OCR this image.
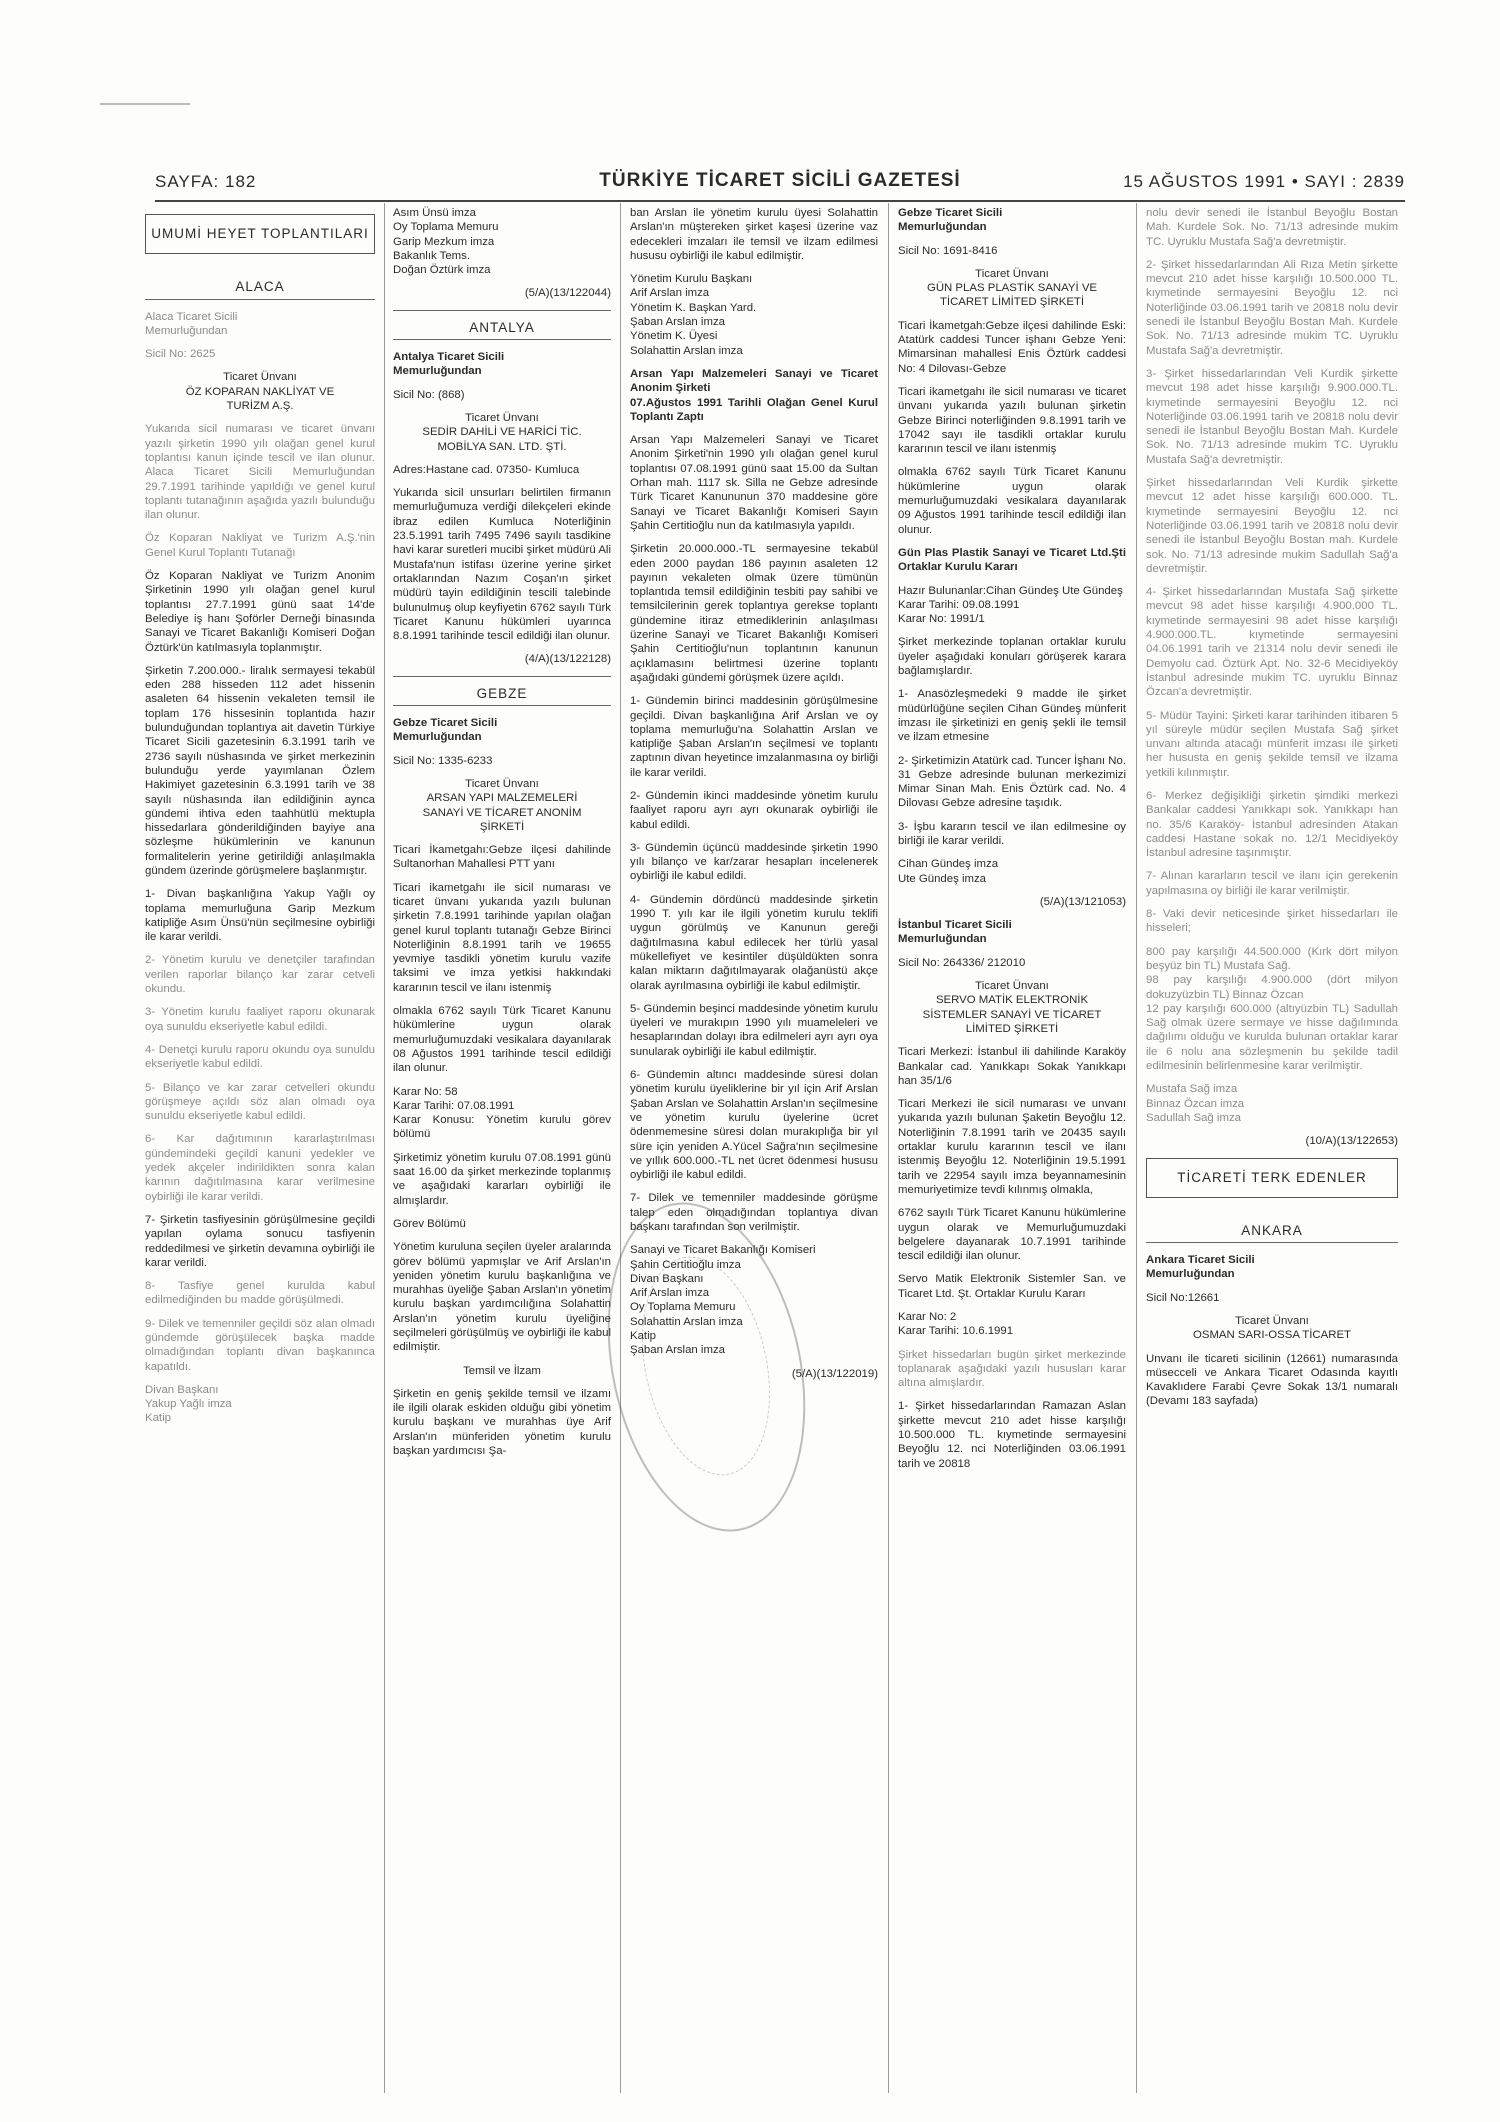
SAYFA: 182	TÜRKİYE TİCARET SİCİLİ GAZETESİ	15 AĞUSTOS 1991 • SAYI : 2839

UMUMİ HEYET TOPLANTILARI

ALACA

Alaca Ticaret Sicili
Memurluğundan

Sicil No: 2625

Ticaret Ünvanı
ÖZ KOPARAN NAKLİYAT VE
TURİZM A.Ş.

Yukarıda sicil numarası ve ticaret ünvanı yazılı şirketin 1990 yılı olağan genel kurul toplantısı kanun içinde tescil ve ilan olunur. Alaca Ticaret Sicili Memurluğundan 29.7.1991 tarihinde yapıldığı ve genel kurul toplantı tutanağının aşağıda yazılı bulunduğu ilan olunur.

Öz Koparan Nakliyat ve Turizm A.Ş.'nin Genel Kurul Toplantı Tutanağı

Öz Koparan Nakliyat ve Turizm Anonim Şirketinin 1990 yılı olağan genel kurul toplantısı 27.7.1991 günü saat 14'de Belediye iş hanı Şoförler Derneği binasında Sanayi ve Ticaret Bakanlığı Komiseri Doğan Öztürk'ün katılmasıyla toplanmıştır.

Şirketin 7.200.000.- liralık sermayesi tekabül eden 288 hisseden 112 adet hissenin asaleten 64 hissenin vekaleten temsil ile toplam 176 hissesinin toplantıda hazır bulunduğundan toplantıya ait davetin Türkiye Ticaret Sicili gazetesinin 6.3.1991 tarih ve 2736 sayılı nüshasında ve şirket merkezinin bulunduğu yerde yayımlanan Özlem Hakimiyet gazetesinin 6.3.1991 tarih ve 38 sayılı nüshasında ilan edildiğinin aynca gündemi ihtiva eden taahhütlü mektupla hissedarlara gönderildiğinden bayiye ana sözleşme hükümlerinin ve kanunun formalitelerin yerine getirildiği anlaşılmakla gündem üzerinde görüşmelere başlanmıştır.

1- Divan başkanlığına Yakup Yağlı oy toplama memurluğuna Garip Mezkum katipliğe Asım Ünsü'nün seçilmesine oybirliği ile karar verildi.

2- Yönetim kurulu ve denetçiler tarafından verilen raporlar bilanço kar zarar cetveli okundu.

3- Yönetim kurulu faaliyet raporu okunarak oya sunuldu ekseriyetle kabul edildi.

4- Denetçi kurulu raporu okundu oya sunuldu ekseriyetle kabul edildi.

5- Bilanço ve kar zarar cetvelleri okundu görüşmeye açıldı söz alan olmadı oya sunuldu ekseriyetle kabul edildi.

6- Kar dağıtımının kararlaştırılması gündemindeki geçildi kanuni yedekler ve yedek akçeler indirildikten sonra kalan karının dağıtılmasına karar verilmesine oybirliği ile karar verildi.

7- Şirketin tasfiyesinin görüşülmesine geçildi yapılan oylama sonucu tasfiyenin reddedilmesi ve şirketin devamına oybirliği ile karar verildi.

8- Tasfiye genel kurulda kabul edilmediğinden bu madde görüşülmedi.

9- Dilek ve temenniler geçildi söz alan olmadı gündemde görüşülecek başka madde olmadığından toplantı divan başkanınca kapatıldı.

Divan Başkanı
Yakup Yağlı imza
Katip

Asım Ünsü imza
Oy Toplama Memuru
Garip Mezkum imza
Bakanlık Tems.
Doğan Öztürk imza

(5/A)(13/122044)

ANTALYA

Antalya Ticaret Sicili
Memurluğundan

Sicil No: (868)

Ticaret Ünvanı
SEDİR DAHİLİ VE HARİCİ TİC.
MOBİLYA SAN. LTD. ŞTİ.

Adres:Hastane cad. 07350- Kumluca

Yukarıda sicil unsurları belirtilen firmanın memurluğumuza verdiği dilekçeleri ekinde ibraz edilen Kumluca Noterliğinin 23.5.1991 tarih 7495 7496 sayılı tasdikine havi karar suretleri mucibi şirket müdürü Ali Mustafa'nun istifası üzerine yerine şirket ortaklarından Nazım Coşan'ın şirket müdürü tayin edildiğinin tescili talebinde bulunulmuş olup keyfiyetin 6762 sayılı Türk Ticaret Kanunu hükümleri uyarınca 8.8.1991 tarihinde tescil edildiği ilan olunur.

(4/A)(13/122128)

GEBZE

Gebze Ticaret Sicili
Memurluğundan

Sicil No: 1335-6233

Ticaret Ünvanı
ARSAN YAPI MALZEMELERİ
SANAYİ VE TİCARET ANONİM
ŞİRKETİ

Ticari İkametgahı:Gebze ilçesi dahilinde Sultanorhan Mahallesi PTT yanı

Ticari ikametgahı ile sicil numarası ve ticaret ünvanı yukarıda yazılı bulunan şirketin 7.8.1991 tarihinde yapılan olağan genel kurul toplantı tutanağı Gebze Birinci Noterliğinin 8.8.1991 tarih ve 19655 yevmiye tasdikli yönetim kurulu vazife taksimi ve imza yetkisi hakkındaki kararının tescil ve ilanı istenmiş

olmakla 6762 sayılı Türk Ticaret Kanunu hükümlerine uygun olarak memurluğumuzdaki vesikalara dayanılarak 08 Ağustos 1991 tarihinde tescil edildiği ilan olunur.

Karar No: 58
Karar Tarihi: 07.08.1991
Karar Konusu: Yönetim kurulu görev bölümü

Şirketimiz yönetim kurulu 07.08.1991 günü saat 16.00 da şirket merkezinde toplanmış ve aşağıdaki kararları oybirliği ile almışlardır.

Görev Bölümü

Yönetim kuruluna seçilen üyeler aralarında görev bölümü yapmışlar ve Arif Arslan'ın yeniden yönetim kurulu başkanlığına ve murahhas üyeliğe Şaban Arslan'ın yönetim kurulu başkan yardımcılığına Solahattin Arslan'ın yönetim kurulu üyeliğine seçilmeleri görüşülmüş ve oybirliği ile kabul edilmiştir.

Temsil ve İlzam

Şirketin en geniş şekilde temsil ve ilzamı ile ilgili olarak eskiden olduğu gibi yönetim kurulu başkanı ve murahhas üye Arif Arslan'ın münferiden yönetim kurulu başkan yardımcısı Şa-

ban Arslan ile yönetim kurulu üyesi Solahattin Arslan'ın müştereken şirket kaşesi üzerine vaz edecekleri imzaları ile temsil ve ilzam edilmesi hususu oybirliği ile kabul edilmiştir.

Yönetim Kurulu Başkanı
Arif Arslan imza
Yönetim K. Başkan Yard.
Şaban Arslan imza
Yönetim K. Üyesi
Solahattin Arslan imza

Arsan Yapı Malzemeleri Sanayi ve Ticaret Anonim Şirketi
07.Ağustos 1991 Tarihli Olağan Genel Kurul Toplantı Zaptı

Arsan Yapı Malzemeleri Sanayi ve Ticaret Anonim Şirketi'nin 1990 yılı olağan genel kurul toplantısı 07.08.1991 günü saat 15.00 da Sultan Orhan mah. 1117 sk. Silla ne Gebze adresinde Türk Ticaret Kanununun 370 maddesine göre Sanayi ve Ticaret Bakanlığı Komiseri Sayın Şahin Certitioğlu nun da katılmasıyla yapıldı.

Şirketin 20.000.000.-TL sermayesine tekabül eden 2000 paydan 186 payının asaleten 12 payının vekaleten olmak üzere tümünün toplantıda temsil edildiğinin tesbiti pay sahibi ve temsilcilerinin gerek toplantıya gerekse toplantı gündemine itiraz etmediklerinin anlaşılması üzerine Sanayi ve Ticaret Bakanlığı Komiseri Şahin Certitioğlu'nun toplantının kanunun açıklamasını belirtmesi üzerine toplantı aşağıdaki gündemi görüşmek üzere açıldı.

1- Gündemin birinci maddesinin görüşülmesine geçildi. Divan başkanlığına Arif Arslan ve oy toplama memurluğu'na Solahattin Arslan ve katipliğe Şaban Arslan'ın seçilmesi ve toplantı zaptının divan heyetince imzalanmasına oy birliği ile karar verildi.

2- Gündemin ikinci maddesinde yönetim kurulu faaliyet raporu ayrı ayrı okunarak oybirliği ile kabul edildi.

3- Gündemin üçüncü maddesinde şirketin 1990 yılı bilanço ve kar/zarar hesapları incelenerek oybirliği ile kabul edildi.

4- Gündemin dördüncü maddesinde şirketin 1990 T. yılı kar ile ilgili yönetim kurulu teklifi uygun görülmüş ve Kanunun gereği dağıtılmasına kabul edilecek her türlü yasal mükellefiyet ve kesintiler düşüldükten sonra kalan miktarın dağıtılmayarak olağanüstü akçe olarak ayrılmasına oybirliği ile kabul edilmiştir.

5- Gündemin beşinci maddesinde yönetim kurulu üyeleri ve murakıpın 1990 yılı muameleleri ve hesaplarından dolayı ibra edilmeleri ayrı ayrı oya sunularak oybirliği ile kabul edilmiştir.

6- Gündemin altıncı maddesinde süresi dolan yönetim kurulu üyeliklerine bir yıl için Arif Arslan Şaban Arslan ve Solahattin Arslan'ın seçilmesine ve yönetim kurulu üyelerine ücret ödenmemesine süresi dolan murakıplığa bir yıl süre için yeniden A.Yücel Sağra'nın seçilmesine ve yıllık 600.000.-TL net ücret ödenmesi hususu oybirliği ile kabul edildi.

7- Dilek ve temenniler maddesinde görüşme talep eden olmadığından toplantıya divan başkanı tarafından son verilmiştir.

Sanayi ve Ticaret Bakanlığı Komiseri
Şahin Certitioğlu imza
Divan Başkanı
Arif Arslan imza
Oy Toplama Memuru
Solahattin Arslan imza
Katip
Şaban Arslan imza

(5/A)(13/122019)

Gebze Ticaret Sicili
Memurluğundan

Sicil No: 1691-8416

Ticaret Ünvanı
GÜN PLAS PLASTİK SANAYİ VE
TİCARET LİMİTED ŞİRKETİ

Ticari İkametgah:Gebze ilçesi dahilinde Eski: Atatürk caddesi Tuncer işhanı Gebze Yeni: Mimarsinan mahallesi Enis Öztürk caddesi No: 4 Dilovası-Gebze

Ticari ikametgahı ile sicil numarası ve ticaret ünvanı yukarıda yazılı bulunan şirketin Gebze Birinci noterliğinden 9.8.1991 tarih ve 17042 sayı ile tasdikli ortaklar kurulu kararının tescil ve ilanı istenmiş

olmakla 6762 sayılı Türk Ticaret Kanunu hükümlerine uygun olarak memurluğumuzdaki vesikalara dayanılarak 09 Ağustos 1991 tarihinde tescil edildiği ilan olunur.

Gün Plas Plastik Sanayi ve Ticaret Ltd.Şti Ortaklar Kurulu Kararı

Hazır Bulunanlar:Cihan Gündeş Ute Gündeş
Karar Tarihi: 09.08.1991
Karar No: 1991/1

Şirket merkezinde toplanan ortaklar kurulu üyeler aşağıdaki konuları görüşerek karara bağlamışlardır.

1- Anasözleşmedeki 9 madde ile şirket müdürlüğüne seçilen Cihan Gündeş münferit imzası ile şirketinizi en geniş şekli ile temsil ve ilzam etmesine

2- Şirketimizin Atatürk cad. Tuncer İşhanı No. 31 Gebze adresinde bulunan merkezimizi Mimar Sinan Mah. Enis Öztürk cad. No. 4 Dilovası Gebze adresine taşıdık.

3- İşbu kararın tescil ve ilan edilmesine oy birliği ile karar verildi.

Cihan Gündeş imza
Ute Gündeş imza

(5/A)(13/121053)

İstanbul Ticaret Sicili
Memurluğundan

Sicil No: 264336/ 212010

Ticaret Ünvanı
SERVO MATİK ELEKTRONİK
SİSTEMLER SANAYİ VE TİCARET
LİMİTED ŞİRKETİ

Ticari Merkezi: İstanbul ili dahilinde Karaköy Bankalar cad. Yanıkkapı Sokak Yanıkkapı han 35/1/6

Ticari Merkezi ile sicil numarası ve unvanı yukarıda yazılı bulunan Şaketin Beyoğlu 12. Noterliğinin 7.8.1991 tarih ve 20435 sayılı ortaklar kurulu kararının tescil ve ilanı istenmiş Beyoğlu 12. Noterliğinin 19.5.1991 tarih ve 22954 sayılı imza beyannamesinin memuriyetimize tevdi kılınmış olmakla,

6762 sayılı Türk Ticaret Kanunu hükümlerine uygun olarak ve Memurluğumuzdaki belgelere dayanarak 10.7.1991 tarihinde tescil edildiği ilan olunur.

Servo Matik Elektronik Sistemler San. ve Ticaret Ltd. Şt. Ortaklar Kurulu Kararı

Karar No: 2
Karar Tarihi: 10.6.1991

Şirket hissedarları bugün şirket merkezinde toplanarak aşağıdaki yazılı hususları karar altına almışlardır.

1- Şirket hissedarlarından Ramazan Aslan şirkette mevcut 210 adet hisse karşılığı 10.500.000 TL. kıymetinde sermayesini Beyoğlu 12. nci Noterliğinden 03.06.1991 tarih ve 20818

nolu devir senedi ile İstanbul Beyoğlu Bostan Mah. Kurdele Sok. No. 71/13 adresinde mukim TC. Uyruklu Mustafa Sağ'a devretmiştir.

2- Şirket hissedarlarından Ali Rıza Metin şirkette mevcut 210 adet hisse karşılığı 10.500.000 TL. kıymetinde sermayesini Beyoğlu 12. nci Noterliğinde 03.06.1991 tarih ve 20818 nolu devir senedi ile İstanbul Beyoğlu Bostan Mah. Kurdele Sok. No. 71/13 adresinde mukim TC. Uyruklu Mustafa Sağ'a devretmiştir.

3- Şirket hissedarlarından Veli Kurdik şirkette mevcut 198 adet hisse karşılığı 9.900.000.TL. kıymetinde sermayesini Beyoğlu 12. nci Noterliğinde 03.06.1991 tarih ve 20818 nolu devir senedi ile İstanbul Beyoğlu Bostan Mah. Kurdele Sok. No. 71/13 adresinde mukim TC. Uyruklu Mustafa Sağ'a devretmiştir.

Şirket hissedarlarından Veli Kurdik şirkette mevcut 12 adet hisse karşılığı 600.000. TL. kıymetinde sermayesini Beyoğlu 12. nci Noterliğinde 03.06.1991 tarih ve 20818 nolu devir senedi ile İstanbul Beyoğlu Bostan mah. Kurdele sok. No. 71/13 adresinde mukim Sadullah Sağ'a devretmiştir.

4- Şirket hissedarlarından Mustafa Sağ şirkette mevcut 98 adet hisse karşılığı 4.900.000 TL. kıymetinde sermayesini 98 adet hisse karşılığı 4.900.000.TL. kıymetinde sermayesini 04.06.1991 tarih ve 21314 nolu devir senedi ile Demyolu cad. Öztürk Apt. No. 32-6 Mecidiyeköy İstanbul adresinde mukim TC. uyruklu Binnaz Özcan'a devretmiştir.

5- Müdür Tayini: Şirketi karar tarihinden itibaren 5 yıl süreyle müdür seçilen Mustafa Sağ şirket unvanı altında atacağı münferit imzası ile şirketi her hususta en geniş şekilde temsil ve ilzama yetkili kılınmıştır.

6- Merkez değişikliği şirketin şimdiki merkezi Bankalar caddesi Yanıkkapı sok. Yanıkkapı han no. 35/6 Karaköy- İstanbul adresinden Atakan caddesi Hastane sokak no. 12/1 Mecidiyeköy İstanbul adresine taşınmıştır.

7- Alınan kararların tescil ve ilanı için gerekenin yapılmasına oy birliği ile karar verilmiştir.

8- Vaki devir neticesinde şirket hissedarları ile hisseleri;

800 pay karşılığı 44.500.000 (Kırk dört milyon beşyüz bin TL) Mustafa Sağ.
98 pay karşılığı 4.900.000 (dört milyon dokuzyüzbin TL) Binnaz Özcan
12 pay karşılığı 600.000 (altıyüzbin TL) Sadullah Sağ olmak üzere sermaye ve hisse dağılımında dağılımı olduğu ve kurulda bulunan ortaklar karar ile 6 nolu ana sözleşmenin bu şekilde tadil edilmesinin belirlenmesine karar verilmiştir.

Mustafa Sağ imza
Binnaz Özcan imza
Sadullah Sağ imza

(10/A)(13/122653)

TİCARETİ TERK EDENLER

ANKARA

Ankara Ticaret Sicili
Memurluğundan

Sicil No:12661

Ticaret Ünvanı
OSMAN SARI-OSSA TİCARET

Unvanı ile ticareti sicilinin (12661) numarasında müsecceli ve Ankara Ticaret Odasında kayıtlı Kavaklıdere Farabi Çevre Sokak 13/1 numaralı (Devamı 183 sayfada)
